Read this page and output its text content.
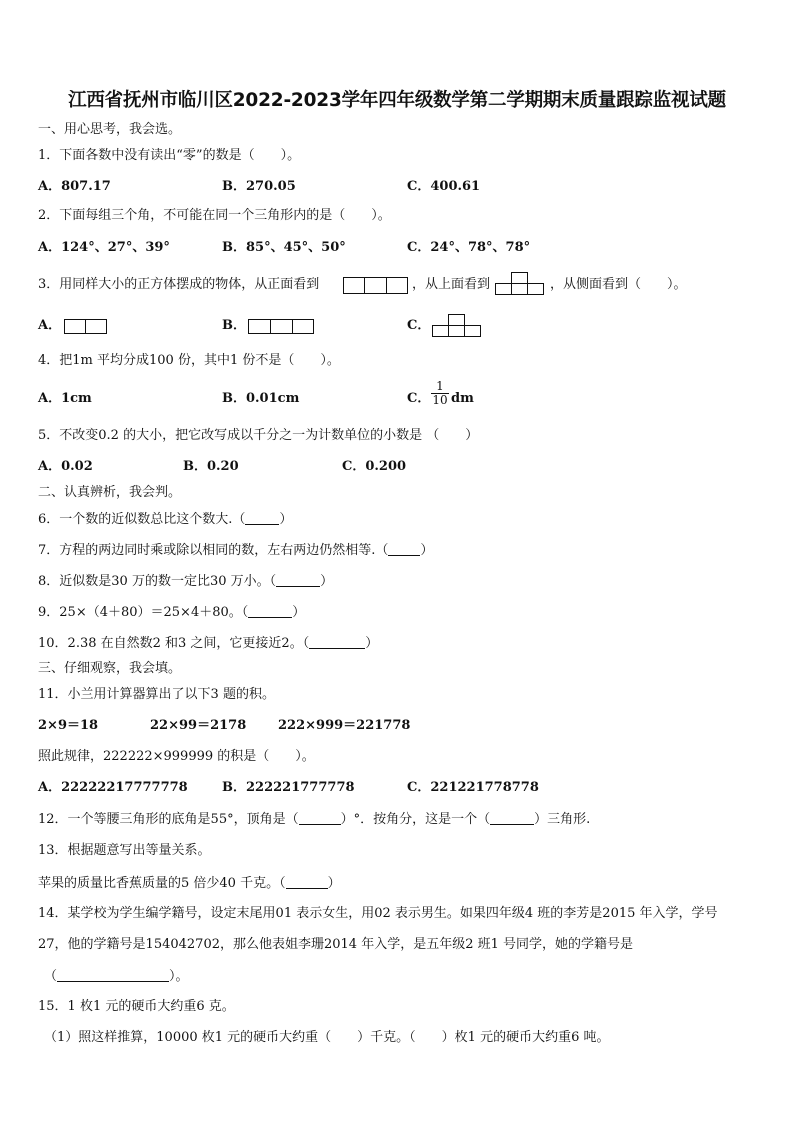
江西省抚州市临川区2022-2023学年四年级数学第二学期期末质量跟踪监视试题
一、用心思考，我会选。
1．下面各数中没有读出“零”的数是（　　）。
A．807.17	B．270.05	C．400.61
2．下面每组三个角，不可能在同一个三角形内的是（　　）。
A．124°、27°、39°	B．85°、45°、50°	C．24°、78°、78°
3．用同样大小的正方体摆成的物体，从正面看到	，从上面看到	，从侧面看到（　　）。
A．	B．	C．
4．把1m 平均分成100 份，其中1 份不是（　　）。
A．1cm	B．0.01cm	C． $\frac{1}{10}$ dm
5．不改变0.2 的大小，把它改写成以千分之一为计数单位的小数是 （　　）
A．0.02	B．0.20	C．0.200
二、认真辨析，我会判。
6．一个数的近似数总比这个数大.（	）
7．方程的两边同时乘或除以相同的数，左右两边仍然相等.（ ）
8．近似数是30 万的数一定比30 万小。（	）
9．25×（4＋80）＝25×4＋80。（	）
10．2.38 在自然数2 和3 之间，它更接近2。（	）
三、仔细观察，我会填。
11．小兰用计算器算出了以下3 题的积。
2×9＝18	22×99＝2178 222×999＝221778
照此规律，222222×999999 的积是（　　）。
A．22222217777778	B．222221777778	C．221221778778
12．一个等腰三角形的底角是55°，顶角是（	）°．按角分，这是一个（	）三角形.
13．根据题意写出等量关系。
苹果的质量比香蕉质量的5 倍少40 千克。（	）
14．某学校为学生编学籍号，设定末尾用01 表示女生，用02 表示男生。如果四年级4 班的李芳是2015 年入学，学号
27，他的学籍号是154042702，那么他表姐李珊2014 年入学，是五年级2 班1 号同学，她的学籍号是
（	）。
15．1 枚1 元的硬币大约重6 克。
（1）照这样推算，10000 枚1 元的硬币大约重（　　）千克。（　　）枚1 元的硬币大约重6 吨。
